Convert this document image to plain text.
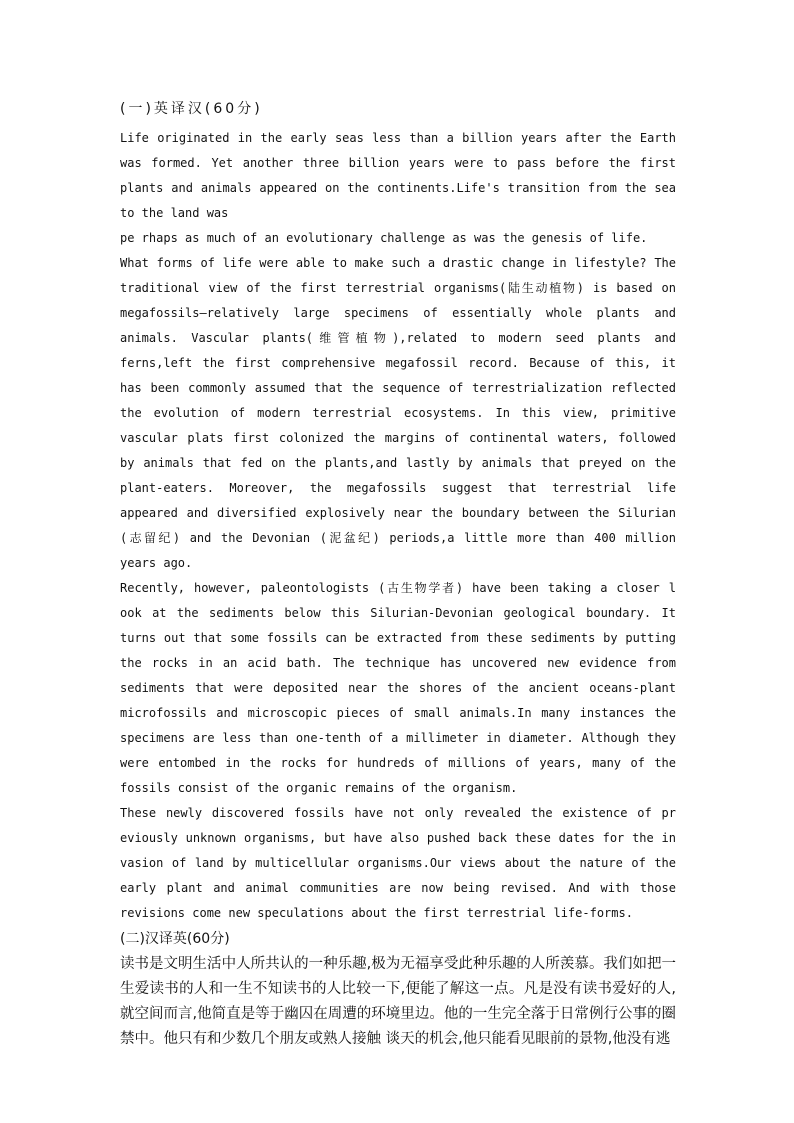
(一)英译汉(60分)

Life originated in the early seas less than a billion years after the Earth was formed. Yet another three billion years were to pass before the first plants and animals appeared on the continents.Life's transition from the sea to the land was

pe rhaps as much of an evolutionary challenge as was the genesis of life.

What forms of life were able to make such a drastic change in lifestyle? The traditional view of the first terrestrial organisms(陆生动植物) is based on megafossils—relatively large specimens of essentially whole plants and animals. Vascular plants(维管植物),related to modern seed plants and ferns,left the first comprehensive megafossil record. Because of this, it has been commonly assumed that the sequence of terrestrialization reflected the evolution of modern terrestrial ecosystems. In this view, primitive vascular plats first colonized the margins of continental waters, followed by animals that fed on the plants,and lastly by animals that preyed on the plant-eaters. Moreover, the megafossils suggest that terrestrial life appeared and diversified explosively near the boundary between the Silurian (志留纪) and the Devonian (泥盆纪) periods,a little more than 400 million years ago.

Recently, however, paleontologists (古生物学者) have been taking a closer l ook at the sediments below this Silurian-Devonian geological boundary. It turns out that some fossils can be extracted from these sediments by putting the rocks in an acid bath. The technique has uncovered new evidence from sediments that were deposited near the shores of the ancient oceans-plant microfossils and microscopic pieces of small animals.In many instances the specimens are less than one-tenth of a millimeter in diameter. Although they were entombed in the rocks for hundreds of millions of years, many of the fossils consist of the organic remains of the organism.

These newly discovered fossils have not only revealed the existence of pr eviously unknown organisms, but have also pushed back these dates for the in vasion of land by multicellular organisms.Our views about the nature of the early plant and animal communities are now being revised. And with those revisions come new speculations about the first terrestrial life-forms.

(二)汉译英(60分)

读书是文明生活中人所共认的一种乐趣,极为无福享受此种乐趣的人所羡慕。我们如把一生爱读书的人和一生不知读书的人比较一下,便能了解这一点。凡是没有读书爱好的人,就空间而言,他简直是等于幽囚在周遭的环境里边。他的一生完全落于日常例行公事的圈禁中。他只有和少数几个朋友或熟人接触 谈天的机会,他只能看见眼前的景物,他没有逃
